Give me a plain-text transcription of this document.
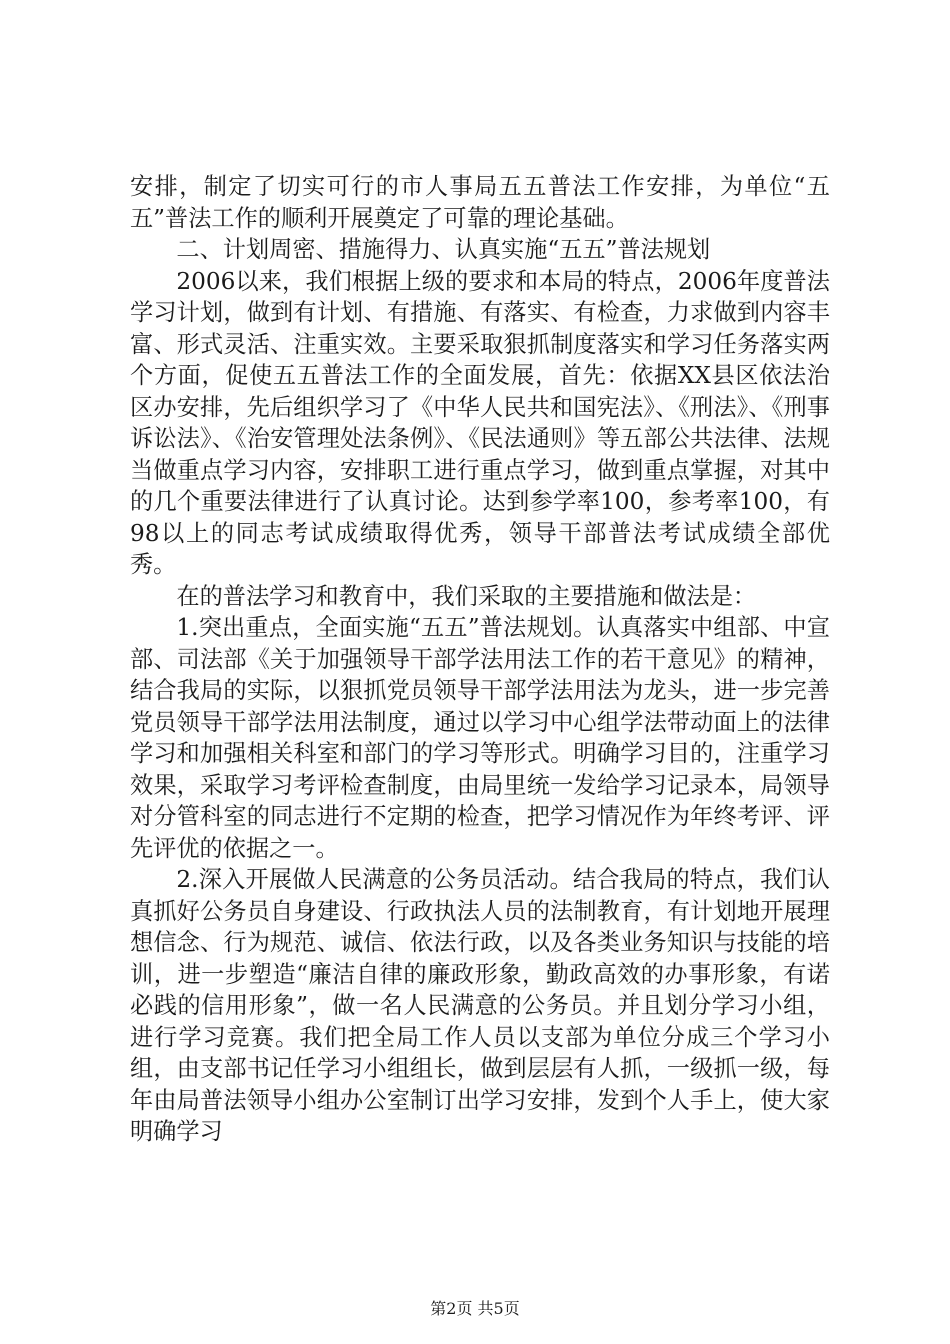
安排，制定了切实可行的市人事局五五普法工作安排，为单位“五五”普法工作的顺利开展奠定了可靠的理论基础。

二、计划周密、措施得力、认真实施“五五”普法规划

2006以来，我们根据上级的要求和本局的特点，2006年度普法学习计划，做到有计划、有措施、有落实、有检查，力求做到内容丰富、形式灵活、注重实效。主要采取狠抓制度落实和学习任务落实两个方面，促使五五普法工作的全面发展，首先：依据XX县区依法治区办安排，先后组织学习了《中华人民共和国宪法》、《刑法》、《刑事诉讼法》、《治安管理处法条例》、《民法通则》等五部公共法律、法规当做重点学习内容，安排职工进行重点学习，做到重点掌握，对其中的几个重要法律进行了认真讨论。达到参学率100，参考率100，有98以上的同志考试成绩取得优秀，领导干部普法考试成绩全部优秀。

在的普法学习和教育中，我们采取的主要措施和做法是：

1.突出重点，全面实施“五五”普法规划。认真落实中组部、中宣部、司法部《关于加强领导干部学法用法工作的若干意见》的精神，结合我局的实际，以狠抓党员领导干部学法用法为龙头，进一步完善党员领导干部学法用法制度，通过以学习中心组学法带动面上的法律学习和加强相关科室和部门的学习等形式。明确学习目的，注重学习效果，采取学习考评检查制度，由局里统一发给学习记录本，局领导对分管科室的同志进行不定期的检查，把学习情况作为年终考评、评先评优的依据之一。

2.深入开展做人民满意的公务员活动。结合我局的特点，我们认真抓好公务员自身建设、行政执法人员的法制教育，有计划地开展理想信念、行为规范、诚信、依法行政，以及各类业务知识与技能的培训，进一步塑造“廉洁自律的廉政形象，勤政高效的办事形象，有诺必践的信用形象”，做一名人民满意的公务员。并且划分学习小组，进行学习竞赛。我们把全局工作人员以支部为单位分成三个学习小组，由支部书记任学习小组组长，做到层层有人抓，一级抓一级，每年由局普法领导小组办公室制订出学习安排，发到个人手上，使大家明确学习

第2页 共5页
